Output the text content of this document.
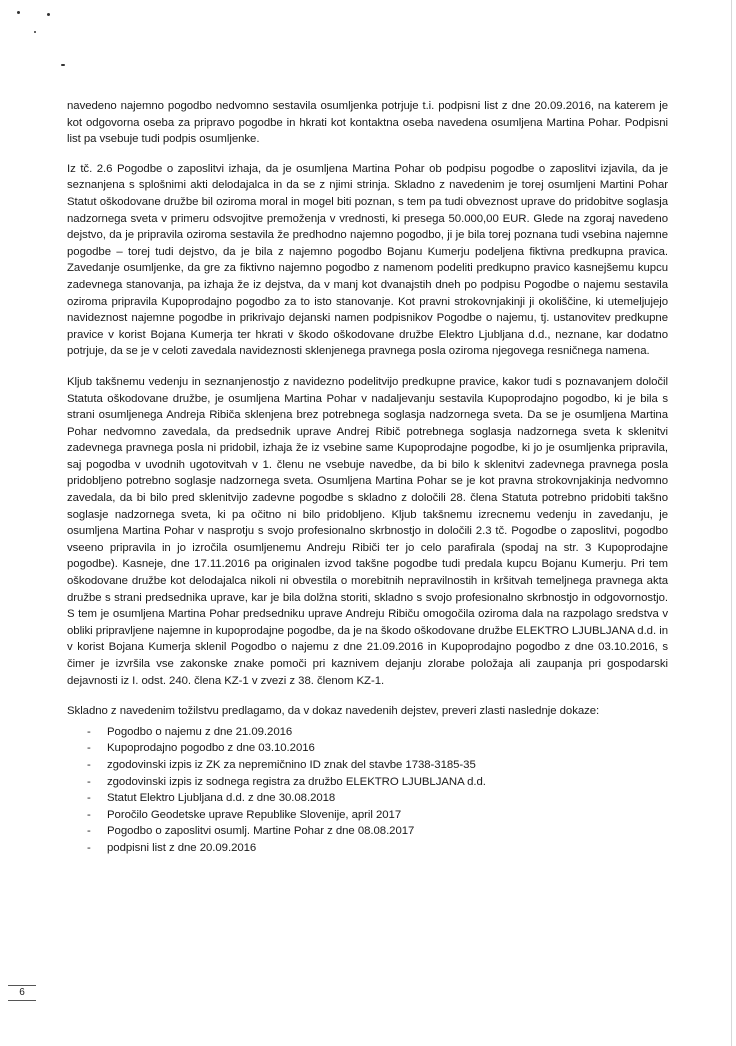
navedeno najemno pogodbo nedvomno sestavila osumljenka potrjuje t.i. podpisni list z dne 20.09.2016, na katerem je kot odgovorna oseba za pripravo pogodbe in hkrati kot kontaktna oseba navedena osumljena Martina Pohar. Podpisni list pa vsebuje tudi podpis osumljenke.

Iz tč. 2.6 Pogodbe o zaposlitvi izhaja, da je osumljena Martina Pohar ob podpisu pogodbe o zaposlitvi izjavila, da je seznanjena s splošnimi akti delodajalca in da se z njimi strinja. Skladno z navedenim je torej osumljeni Martini Pohar Statut oškodovane družbe bil oziroma moral in mogel biti poznan, s tem pa tudi obveznost uprave do pridobitve soglasja nadzornega sveta v primeru odsvojitve premoženja v vrednosti, ki presega 50.000,00 EUR. Glede na zgoraj navedeno dejstvo, da je pripravila oziroma sestavila že predhodno najemno pogodbo, ji je bila torej poznana tudi vsebina najemne pogodbe – torej tudi dejstvo, da je bila z najemno pogodbo Bojanu Kumerju podeljena fiktivna predkupna pravica. Zavedanje osumljenke, da gre za fiktivno najemno pogodbo z namenom podeliti predkupno pravico kasnejšemu kupcu zadevnega stanovanja, pa izhaja že iz dejstva, da v manj kot dvanajstih dneh po podpisu Pogodbe o najemu sestavila oziroma pripravila Kupoprodajno pogodbo za to isto stanovanje. Kot pravni strokovnjakinji ji okoliščine, ki utemeljujejo navideznost najemne pogodbe in prikrivajo dejanski namen podpisnikov Pogodbe o najemu, tj. ustanovitev predkupne pravice v korist Bojana Kumerja ter hkrati v škodo oškodovane družbe Elektro Ljubljana d.d., neznane, kar dodatno potrjuje, da se je v celoti zavedala navideznosti sklenjenega pravnega posla oziroma njegovega resničnega namena.

Kljub takšnemu vedenju in seznanjenostjo z navidezno podelitvijo predkupne pravice, kakor tudi s poznavanjem določil Statuta oškodovane družbe, je osumljena Martina Pohar v nadaljevanju sestavila Kupoprodajno pogodbo, ki je bila s strani osumljenega Andreja Ribiča sklenjena brez potrebnega soglasja nadzornega sveta. Da se je osumljena Martina Pohar nedvomno zavedala, da predsednik uprave Andrej Ribič potrebnega soglasja nadzornega sveta k sklenitvi zadevnega pravnega posla ni pridobil, izhaja že iz vsebine same Kupoprodajne pogodbe, ki jo je osumljenka pripravila, saj pogodba v uvodnih ugotovitvah v 1. členu ne vsebuje navedbe, da bi bilo k sklenitvi zadevnega pravnega posla pridobljeno potrebno soglasje nadzornega sveta. Osumljena Martina Pohar se je kot pravna strokovnjakinja nedvomno zavedala, da bi bilo pred sklenitvijo zadevne pogodbe s skladno z določili 28. člena Statuta potrebno pridobiti takšno soglasje nadzornega sveta, ki pa očitno ni bilo pridobljeno. Kljub takšnemu izrecnemu vedenju in zavedanju, je osumljena Martina Pohar v nasprotju s svojo profesionalno skrbnostjo in določili 2.3 tč. Pogodbe o zaposlitvi, pogodbo vseeno pripravila in jo izročila osumljenemu Andreju Ribiči ter jo celo parafirala (spodaj na str. 3 Kupoprodajne pogodbe). Kasneje, dne 17.11.2016 pa originalen izvod takšne pogodbe tudi predala kupcu Bojanu Kumerju. Pri tem oškodovane družbe kot delodajalca nikoli ni obvestila o morebitnih nepravilnostih in kršitvah temeljnega pravnega akta družbe s strani predsednika uprave, kar je bila dolžna storiti, skladno s svojo profesionalno skrbnostjo in odgovornostjo. S tem je osumljena Martina Pohar predsedniku uprave Andreju Ribiču omogočila oziroma dala na razpolago sredstva v obliki pripravljene najemne in kupoprodajne pogodbe, da je na škodo oškodovane družbe ELEKTRO LJUBLJANA d.d. in v korist Bojana Kumerja sklenil Pogodbo o najemu z dne 21.09.2016 in Kupoprodajno pogodbo z dne 03.10.2016, s čimer je izvršila vse zakonske znake pomoči pri kaznivem dejanju zlorabe položaja ali zaupanja pri gospodarski dejavnosti iz I. odst. 240. člena KZ-1 v zvezi z 38. členom KZ-1.

Skladno z navedenim tožilstvu predlagamo, da v dokaz navedenih dejstev, preveri zlasti naslednje dokaze:

- Pogodbo o najemu z dne 21.09.2016
- Kupoprodajno pogodbo z dne 03.10.2016
- zgodovinski izpis iz ZK za nepremičnino ID znak del stavbe 1738-3185-35
- zgodovinski izpis iz sodnega registra za družbo ELEKTRO LJUBLJANA d.d.
- Statut Elektro Ljubljana d.d. z dne 30.08.2018
- Poročilo Geodetske uprave Republike Slovenije, april 2017
- Pogodbo o zaposlitvi osumlj. Martine Pohar z dne 08.08.2017
- podpisni list z dne 20.09.2016
6
